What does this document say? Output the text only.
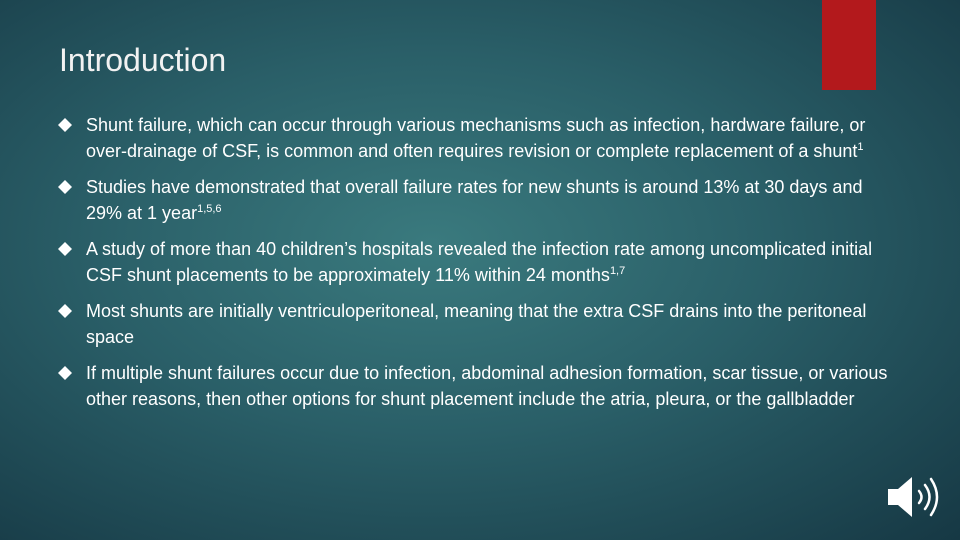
Introduction
Shunt failure, which can occur through various mechanisms such as infection, hardware failure, or over-drainage of CSF, is common and often requires revision or complete replacement of a shunt$^1$
Studies have demonstrated that overall failure rates for new shunts is around 13% at 30 days and 29% at 1 year$^{1,5,6}$
A study of more than 40 children’s hospitals revealed the infection rate among uncomplicated initial CSF shunt placements to be approximately 11% within 24 months$^{1,7}$
Most shunts are initially ventriculoperitoneal, meaning that the extra CSF drains into the peritoneal space
If multiple shunt failures occur due to infection, abdominal adhesion formation, scar tissue, or various other reasons, then other options for shunt placement include the atria, pleura, or the gallbladder
